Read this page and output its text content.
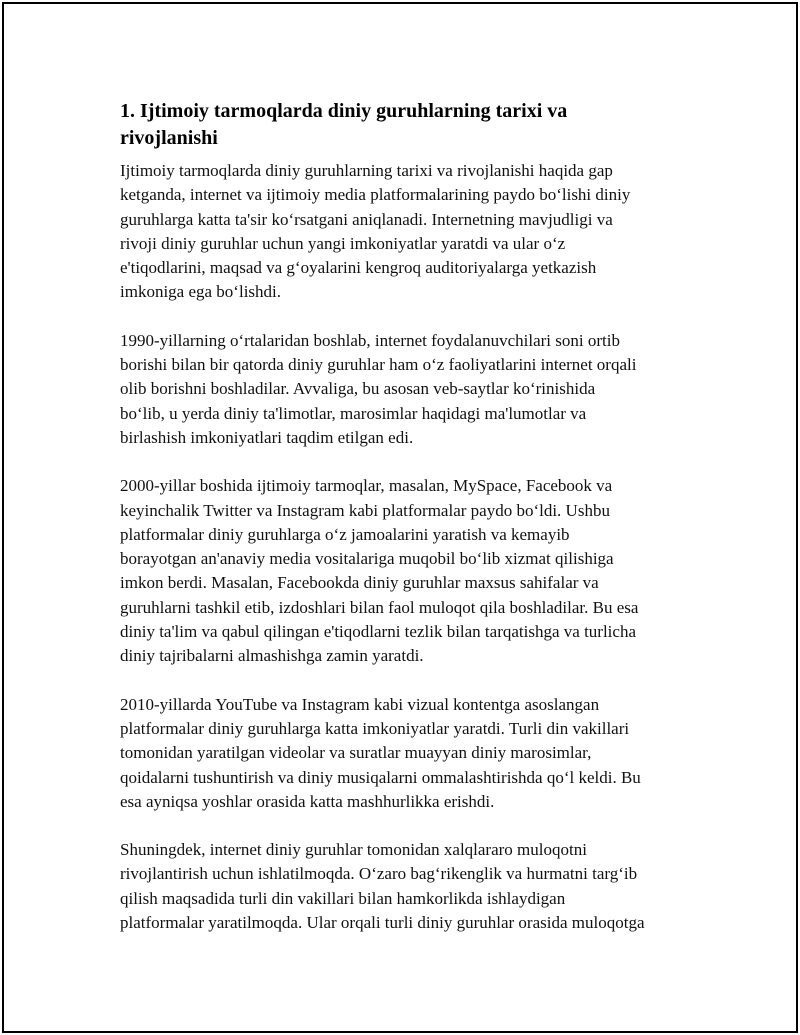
1. Ijtimoiy tarmoqlarda diniy guruhlarning tarixi va
rivojlanishi

Ijtimoiy tarmoqlarda diniy guruhlarning tarixi va rivojlanishi haqida gap
ketganda, internet va ijtimoiy media platformalarining paydo boʻlishi diniy
guruhlarga katta ta'sir koʻrsatgani aniqlanadi. Internetning mavjudligi va
rivoji diniy guruhlar uchun yangi imkoniyatlar yaratdi va ular oʻz
e'tiqodlarini, maqsad va gʻoyalarini kengroq auditoriyalarga yetkazish
imkoniga ega boʻlishdi.

1990-yillarning oʻrtalaridan boshlab, internet foydalanuvchilari soni ortib
borishi bilan bir qatorda diniy guruhlar ham oʻz faoliyatlarini internet orqali
olib borishni boshladilar. Avvaliga, bu asosan veb-saytlar koʻrinishida
boʻlib, u yerda diniy ta'limotlar, marosimlar haqidagi ma'lumotlar va
birlashish imkoniyatlari taqdim etilgan edi.

2000-yillar boshida ijtimoiy tarmoqlar, masalan, MySpace, Facebook va
keyinchalik Twitter va Instagram kabi platformalar paydo boʻldi. Ushbu
platformalar diniy guruhlarga oʻz jamoalarini yaratish va kemayib
borayotgan an'anaviy media vositalariga muqobil boʻlib xizmat qilishiga
imkon berdi. Masalan, Facebookda diniy guruhlar maxsus sahifalar va
guruhlarni tashkil etib, izdoshlari bilan faol muloqot qila boshladilar. Bu esa
diniy ta'lim va qabul qilingan e'tiqodlarni tezlik bilan tarqatishga va turlicha
diniy tajribalarni almashishga zamin yaratdi.

2010-yillarda YouTube va Instagram kabi vizual kontentga asoslangan
platformalar diniy guruhlarga katta imkoniyatlar yaratdi. Turli din vakillari
tomonidan yaratilgan videolar va suratlar muayyan diniy marosimlar,
qoidalarni tushuntirish va diniy musiqalarni ommalashtirishda qoʻl keldi. Bu
esa ayniqsa yoshlar orasida katta mashhurlikka erishdi.

Shuningdek, internet diniy guruhlar tomonidan xalqlararo muloqotni
rivojlantirish uchun ishlatilmoqda. Oʻzaro bagʻrikenglik va hurmatni targʻib
qilish maqsadida turli din vakillari bilan hamkorlikda ishlaydigan
platformalar yaratilmoqda. Ular orqali turli diniy guruhlar orasida muloqotga
